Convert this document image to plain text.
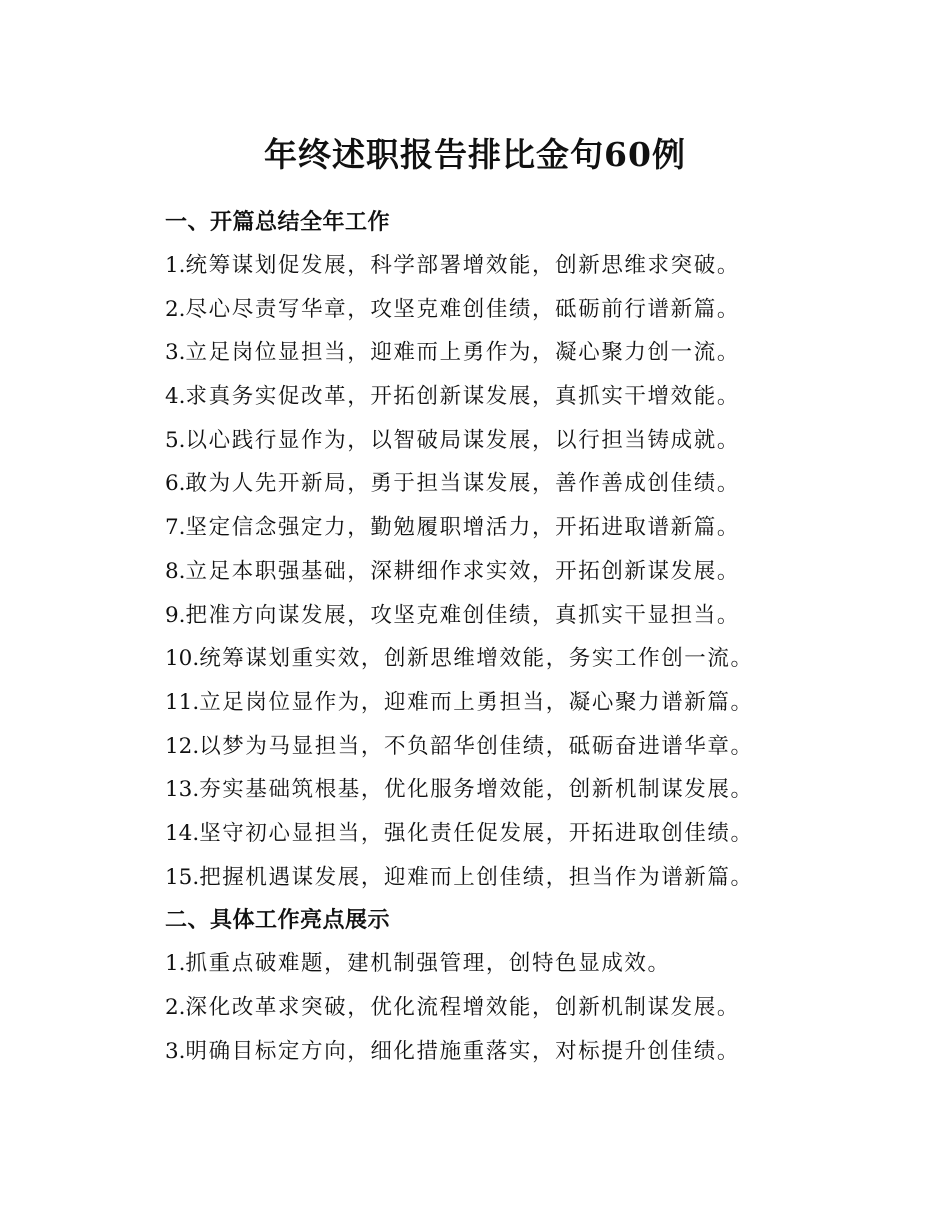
年终述职报告排比金句60例
一、开篇总结全年工作
1.统筹谋划促发展，科学部署增效能，创新思维求突破。
2.尽心尽责写华章，攻坚克难创佳绩，砥砺前行谱新篇。
3.立足岗位显担当，迎难而上勇作为，凝心聚力创一流。
4.求真务实促改革，开拓创新谋发展，真抓实干增效能。
5.以心践行显作为，以智破局谋发展，以行担当铸成就。
6.敢为人先开新局，勇于担当谋发展，善作善成创佳绩。
7.坚定信念强定力，勤勉履职增活力，开拓进取谱新篇。
8.立足本职强基础，深耕细作求实效，开拓创新谋发展。
9.把准方向谋发展，攻坚克难创佳绩，真抓实干显担当。
10.统筹谋划重实效，创新思维增效能，务实工作创一流。
11.立足岗位显作为，迎难而上勇担当，凝心聚力谱新篇。
12.以梦为马显担当，不负韶华创佳绩，砥砺奋进谱华章。
13.夯实基础筑根基，优化服务增效能，创新机制谋发展。
14.坚守初心显担当，强化责任促发展，开拓进取创佳绩。
15.把握机遇谋发展，迎难而上创佳绩，担当作为谱新篇。
二、具体工作亮点展示
1.抓重点破难题，建机制强管理，创特色显成效。
2.深化改革求突破，优化流程增效能，创新机制谋发展。
3.明确目标定方向，细化措施重落实，对标提升创佳绩。
